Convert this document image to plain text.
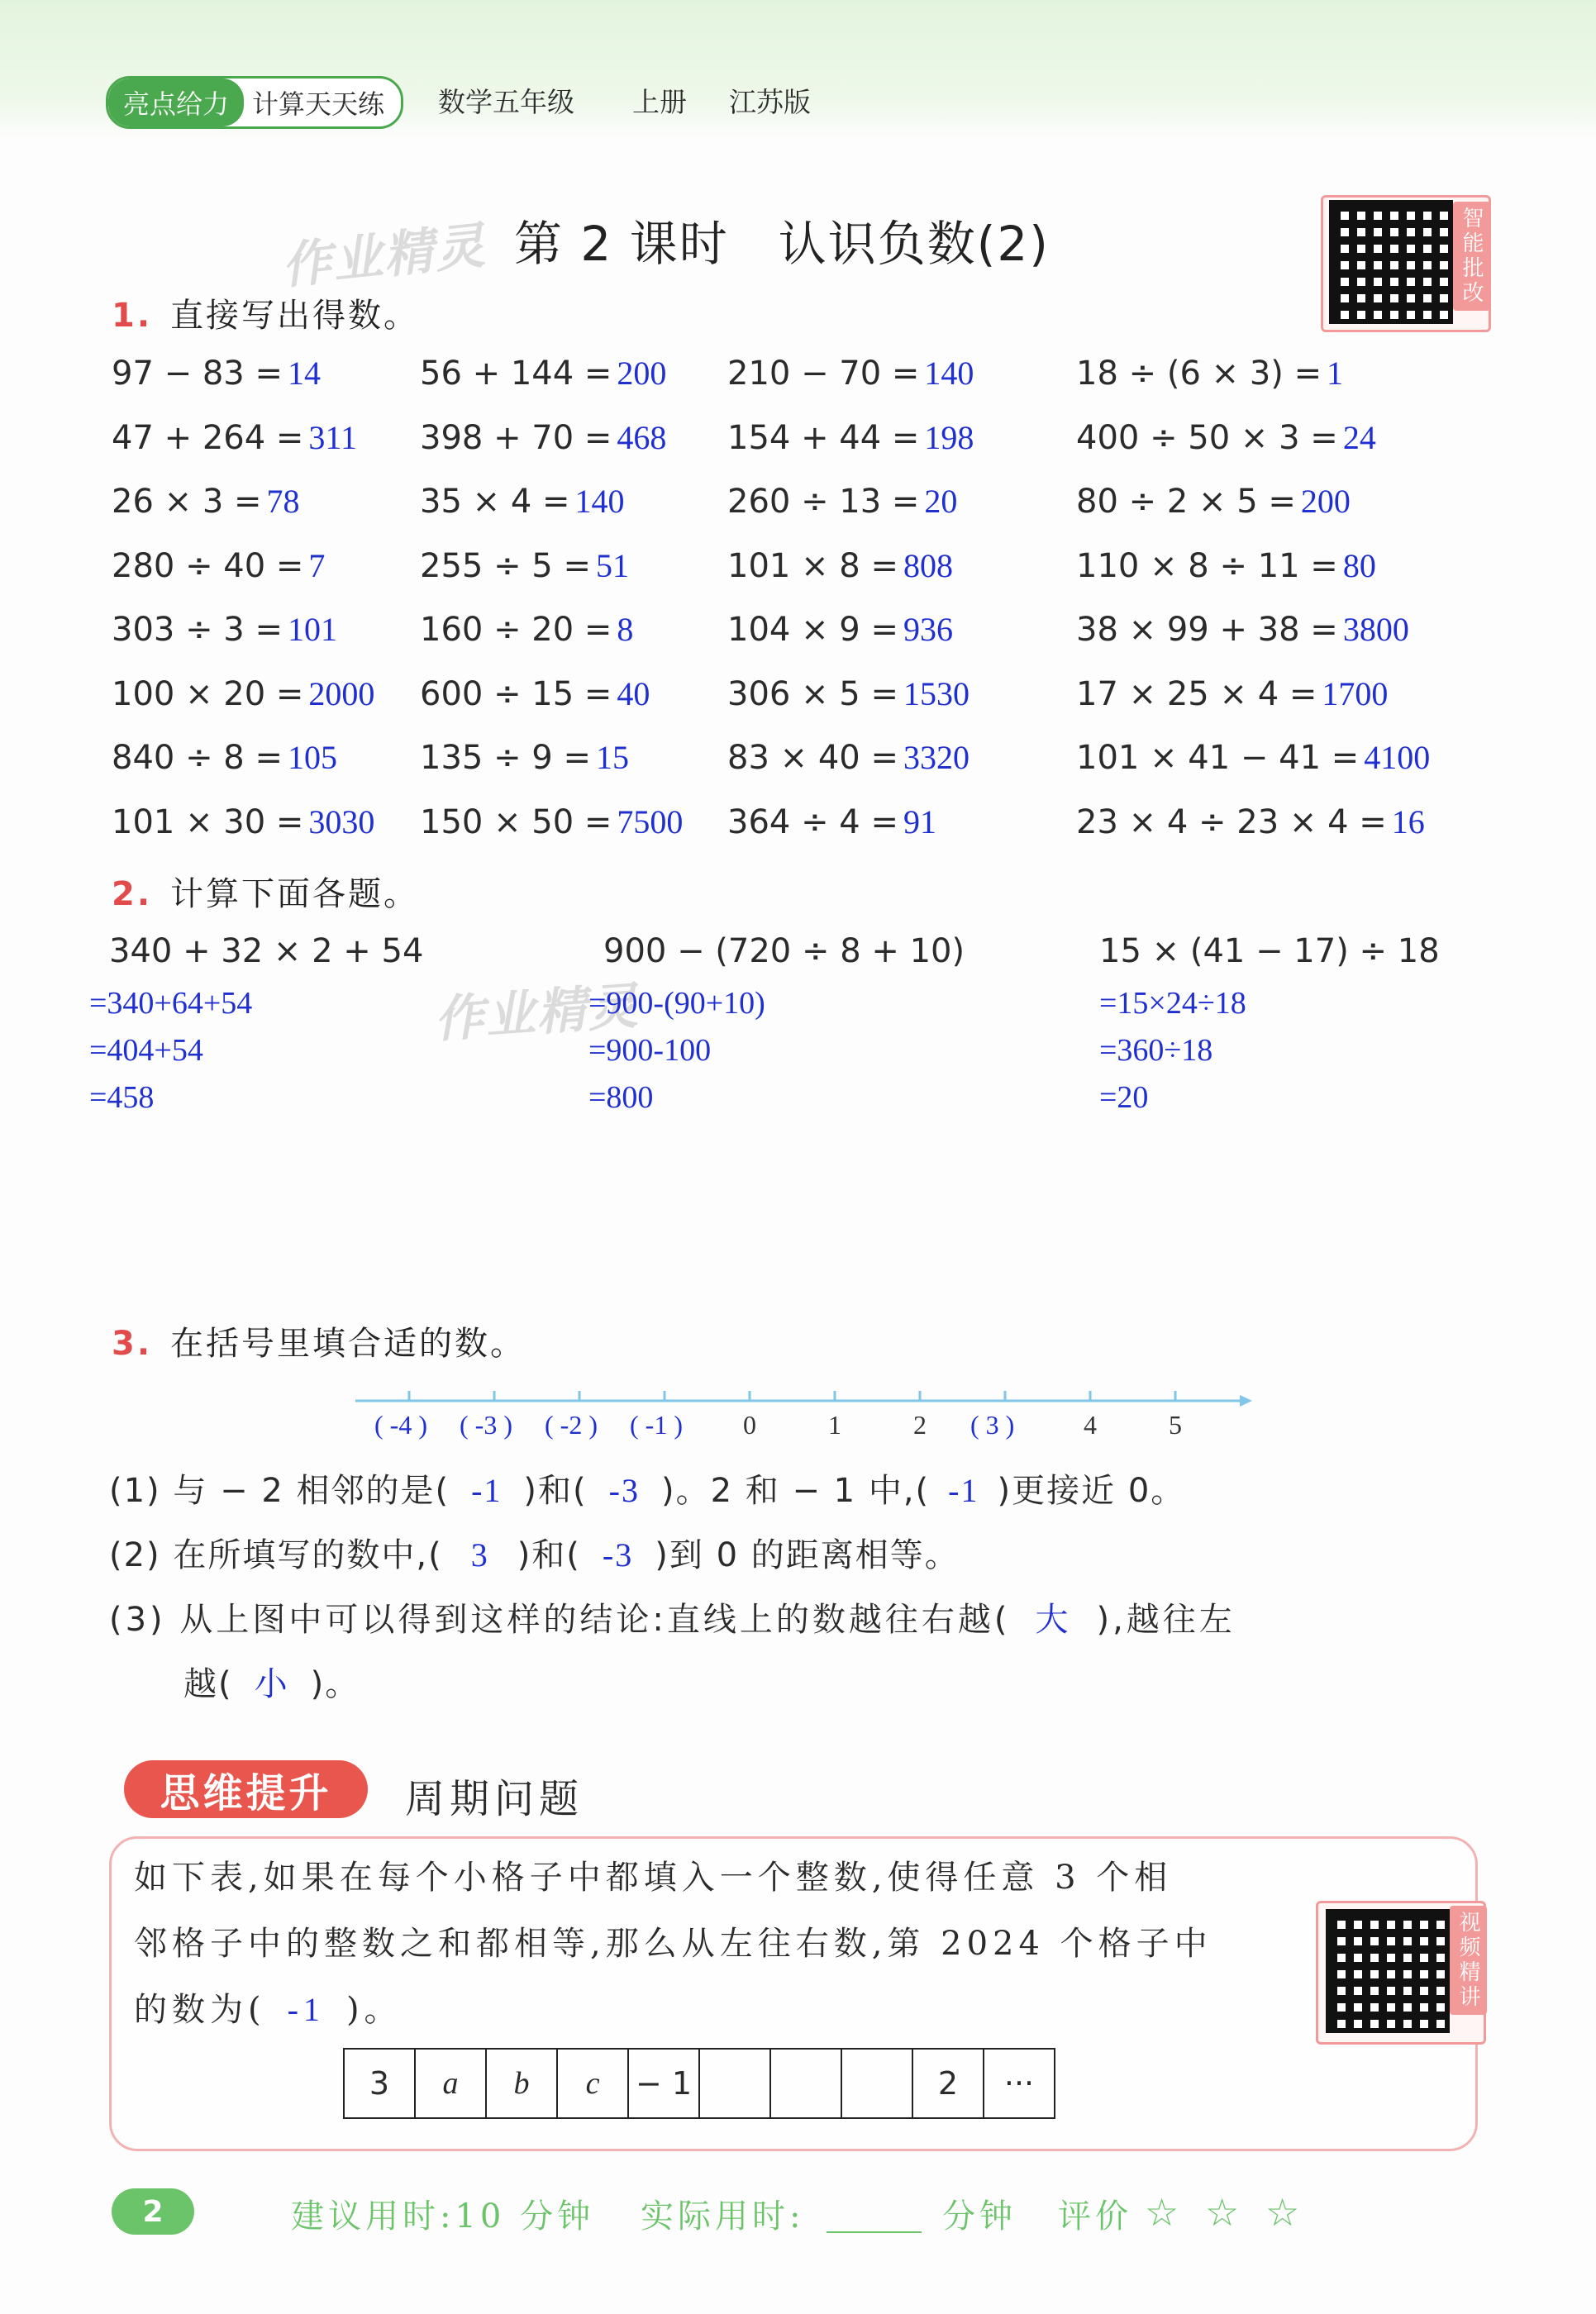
亮点给力 计算天天练	数学五年级 上册 江苏版
作业精灵 第 2 课时　认识负数(2)	智能批改
1. 直接写出得数。
97 − 83 = 14
47 + 264 = 311
26 × 3 = 78
280 ÷ 40 = 7
303 ÷ 3 = 101
100 × 20 = 2000
840 ÷ 8 = 105
101 × 30 = 3030
56 + 144 = 200
398 + 70 = 468
35 × 4 = 140
255 ÷ 5 = 51
160 ÷ 20 = 8
600 ÷ 15 = 40
135 ÷ 9 = 15
150 × 50 = 7500
210 − 70 = 140
154 + 44 = 198
260 ÷ 13 = 20
101 × 8 = 808
104 × 9 = 936
306 × 5 = 1530
83 × 40 = 3320
364 ÷ 4 = 91
18 ÷ (6 × 3) = 1
400 ÷ 50 × 3 = 24
80 ÷ 2 × 5 = 200
110 × 8 ÷ 11 = 80
38 × 99 + 38 = 3800
17 × 25 × 4 = 1700
101 × 41 − 41 = 4100
23 × 4 ÷ 23 × 4 = 16
2. 计算下面各题。
作业精灵
340 + 32 × 2 + 54
=340+64+54
=404+54
=458
900 − (720 ÷ 8 + 10)
=900-(90+10)
=900-100
=800
15 × (41 − 17) ÷ 18
=15×24÷18
=360÷18
=20
3. 在括号里填合适的数。
( -4 ) ( -3 ) ( -2 ) ( -1 ) 0	1	2 ( 3 )	4	5
(1) 与 − 2 相邻的是( -1 )和( -3 )。2 和 − 1 中,( -1 )更接近 0。
(2) 在所填写的数中,( 3 )和( -3 )到 0 的距离相等。
(3) 从上图中可以得到这样的结论:直线上的数越往右越( 大 ),越往左
越( 小 )。
思维提升	周期问题
如下表,如果在每个小格子中都填入一个整数,使得任意 3 个相
邻格子中的整数之和都相等,那么从左往右数,第 2024 个格子中
的数为( -1 )。
3	a	b	c	− 1				2	···
视频精讲
2	建议用时:10 分钟 实际用时:	分钟 评价 ☆ ☆ ☆
